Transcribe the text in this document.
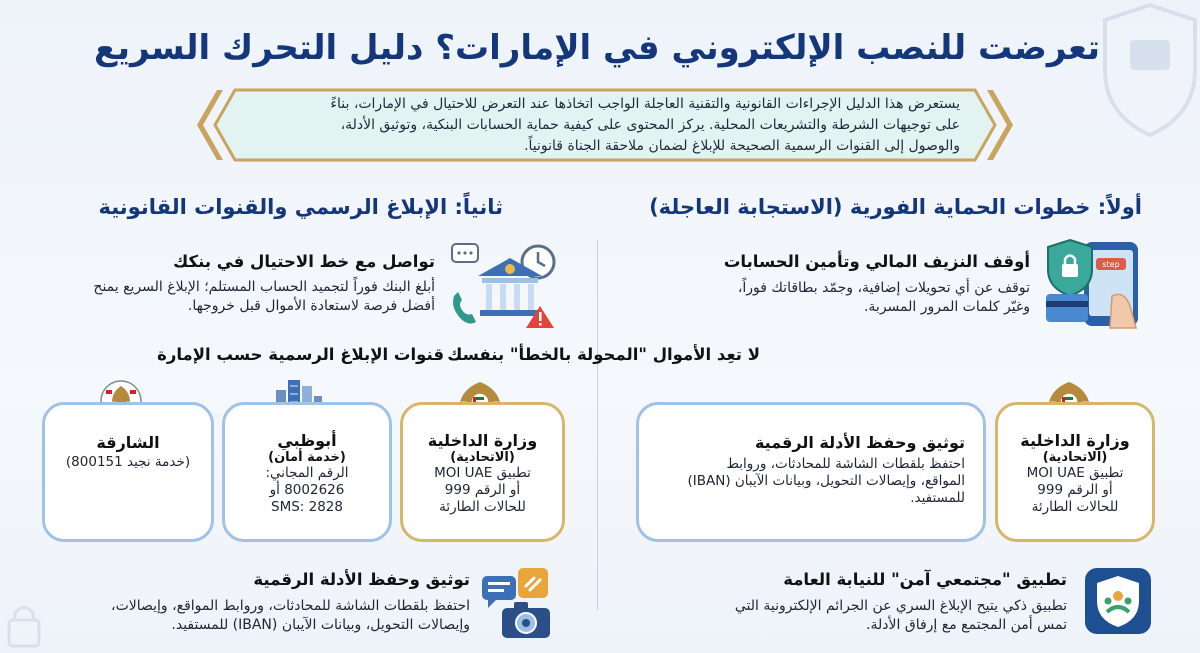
تعرضت للنصب الإلكتروني في الإمارات؟ دليل التحرك السريع
يستعرض هذا الدليل الإجراءات القانونية والتقنية العاجلة الواجب اتخاذها عند التعرض للاحتيال في الإمارات، بناءً
على توجيهات الشرطة والتشريعات المحلية. يركز المحتوى على كيفية حماية الحسابات البنكية، وتوثيق الأدلة،
والوصول إلى القنوات الرسمية الصحيحة للإبلاغ لضمان ملاحقة الجناة قانونياً.
أولاً: خطوات الحماية الفورية (الاستجابة العاجلة)
ثانياً: الإبلاغ الرسمي والقنوات القانونية
step
أوقف النزيف المالي وتأمين الحسابات
توقف عن أي تحويلات إضافية، وجمّد بطاقاتك فوراً،
وغيّر كلمات المرور المسربة.
لا تعِد الأموال "المحولة بالخطأ" بنفسك
وزارة الداخلية
(الاتحادية)
تطبيق MOI UAE
أو الرقم 999
للحالات الطارئة
توثيق وحفظ الأدلة الرقمية
احتفظ بلقطات الشاشة للمحادثات، وروابط
المواقع، وإيصالات التحويل، وبيانات الآيبان (IBAN)
للمستفيد.
تطبيق "مجتمعي آمن" للنيابة العامة
تطبيق ذكي يتيح الإبلاغ السري عن الجرائم الإلكترونية التي
تمس أمن المجتمع مع إرفاق الأدلة.
تواصل مع خط الاحتيال في بنكك
أبلغ البنك فوراً لتجميد الحساب المستلم؛ الإبلاغ السريع يمنح
أفضل فرصة لاستعادة الأموال قبل خروجها.
قنوات الإبلاغ الرسمية حسب الإمارة
وزارة الداخلية
(الاتحادية)
تطبيق MOI UAE
أو الرقم 999
للحالات الطارئة
أبوظبي
(خدمة أمان)
الرقم المجاني:
8002626 أو
SMS: 2828
الشارقة
(خدمة نجيد 800151)
توثيق وحفظ الأدلة الرقمية
احتفظ بلقطات الشاشة للمحادثات، وروابط المواقع، وإيصالات،
وإيصالات التحويل، وبيانات الآيبان (IBAN) للمستفيد.
